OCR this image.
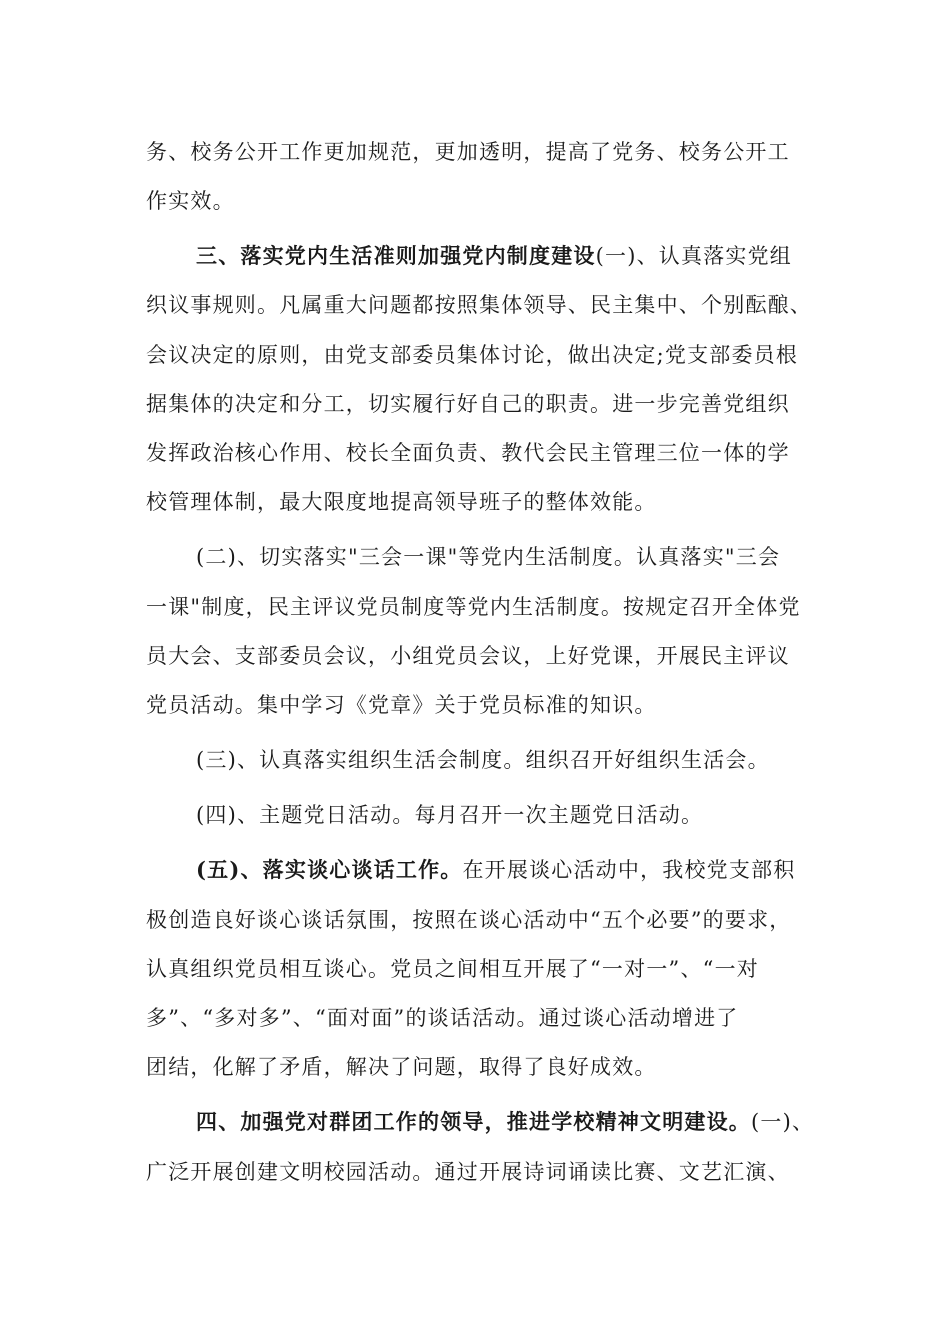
务、校务公开工作更加规范，更加透明，提高了党务、校务公开工
作实效。
三、落实党内生活准则加强党内制度建设(一)、认真落实党组
织议事规则。凡属重大问题都按照集体领导、民主集中、个别酝酿、
会议决定的原则，由党支部委员集体讨论，做出决定;党支部委员根
据集体的决定和分工，切实履行好自己的职责。进一步完善党组织
发挥政治核心作用、校长全面负责、教代会民主管理三位一体的学
校管理体制，最大限度地提高领导班子的整体效能。
(二)、切实落实"三会一课"等党内生活制度。认真落实"三会
一课"制度，民主评议党员制度等党内生活制度。按规定召开全体党
员大会、支部委员会议，小组党员会议，上好党课，开展民主评议
党员活动。集中学习《党章》关于党员标准的知识。
(三)、认真落实组织生活会制度。组织召开好组织生活会。
(四)、主题党日活动。每月召开一次主题党日活动。
(五)、落实谈心谈话工作。在开展谈心活动中，我校党支部积
极创造良好谈心谈话氛围，按照在谈心活动中“五个必要”的要求，
认真组织党员相互谈心。党员之间相互开展了“一对一”、“一对
多”、“多对多”、“面对面”的谈话活动。通过谈心活动增进了
团结，化解了矛盾，解决了问题，取得了良好成效。
四、加强党对群团工作的领导，推进学校精神文明建设。(一)、
广泛开展创建文明校园活动。通过开展诗词诵读比赛、文艺汇演、
